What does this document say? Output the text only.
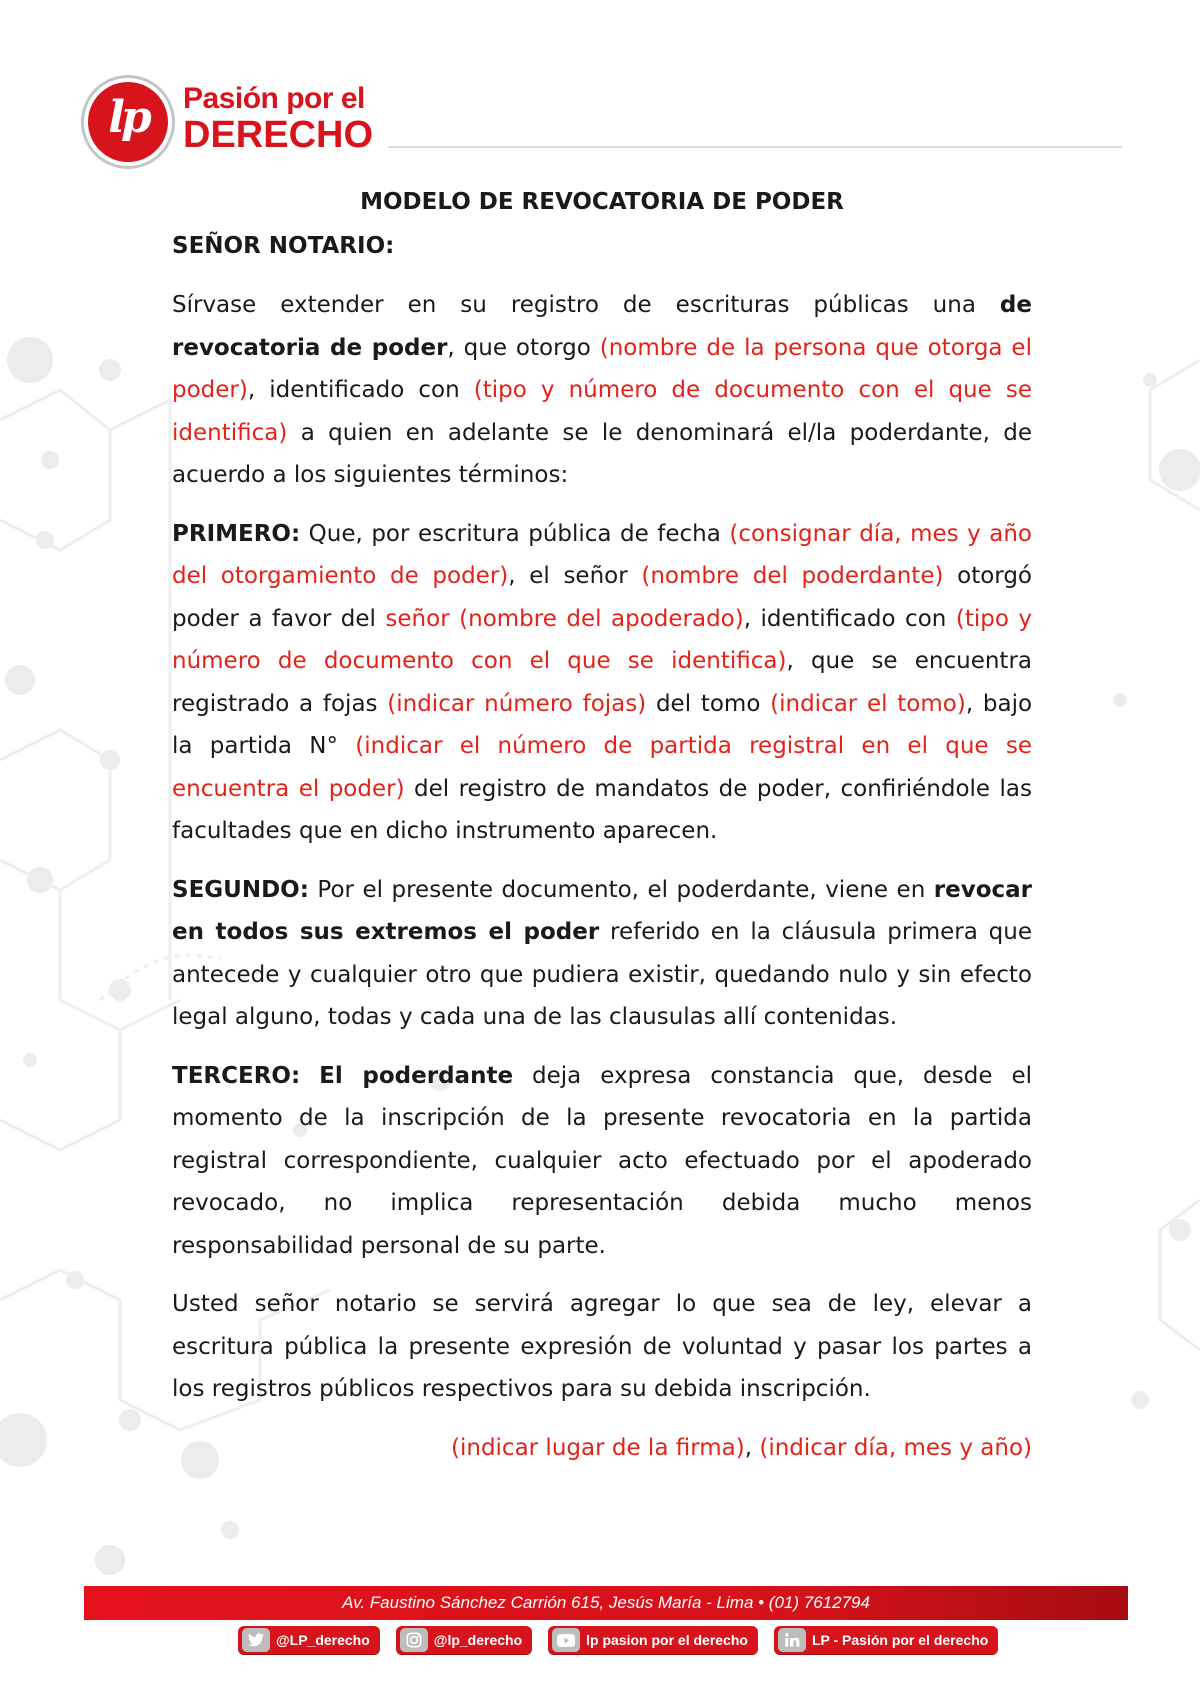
lp	Pasión por el
DERECHO
MODELO DE REVOCATORIA DE PODER

SEÑOR NOTARIO:

Sírvase extender en su registro de escrituras públicas una de revocatoria de poder, que otorgo (nombre de la persona que otorga el poder), identificado con (tipo y número de documento con el que se identifica) a quien en adelante se le denominará el/la poderdante, de acuerdo a los siguientes términos:

PRIMERO: Que, por escritura pública de fecha (consignar día, mes y año del otorgamiento de poder), el señor (nombre del poderdante) otorgó poder a favor del señor (nombre del apoderado), identificado con (tipo y número de documento con el que se identifica), que se encuentra registrado a fojas (indicar número fojas) del tomo (indicar el tomo), bajo la partida N° (indicar el número de partida registral en el que se encuentra el poder) del registro de mandatos de poder, confiriéndole las facultades que en dicho instrumento aparecen.

SEGUNDO: Por el presente documento, el poderdante, viene en revocar en todos sus extremos el poder referido en la cláusula primera que antecede y cualquier otro que pudiera existir, quedando nulo y sin efecto legal alguno, todas y cada una de las clausulas allí contenidas.

TERCERO: El poderdante deja expresa constancia que, desde el momento de la inscripción de la presente revocatoria en la partida registral correspondiente, cualquier acto efectuado por el apoderado revocado, no implica representación debida mucho menos responsabilidad personal de su parte.

Usted señor notario se servirá agregar lo que sea de ley, elevar a escritura pública la presente expresión de voluntad y pasar los partes a los registros públicos respectivos para su debida inscripción.

(indicar lugar de la firma), (indicar día, mes y año)

Av. Faustino Sánchez Carrión 615, Jesús María - Lima • (01) 7612794
@LP_derecho	@lp_derecho	lp pasion por el derecho	LP - Pasión por el derecho
